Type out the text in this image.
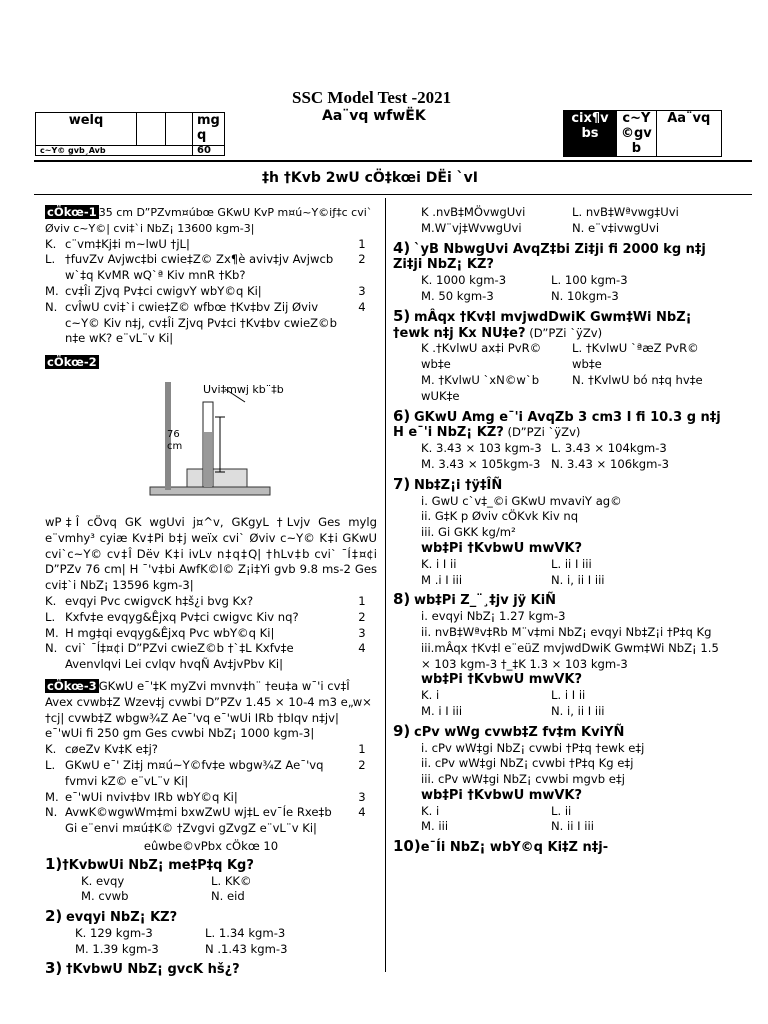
SSC Model Test -2021
Aa¨vq wfwËK
welq			mg q
c~Y© gvb¸Avb			60
cix¶v bs	c~Y ©gv b	Aa¨vq
‡h †Kvb 2wU cÖ‡kœi DËi `vI
cÖkœ-1 35 cm D”PZvm¤úbœ GKwU KvP m¤ú~Y©iƒ‡c cvi` Øviv c~Y©| cvi‡`i NbZ¡ 13600 kgm-3|
K. c¨vm‡Kj‡i m~lwU †jL|	1
L. †fuvZv Avjwc‡bi cwie‡Z© Zx¶è aviv‡jv Avjwcb w`‡q KvMR wQ`ª Kiv mnR †Kb?
2
M. cv‡Îi Zjvq Pv‡ci cwigvY wbY©q Ki|	3
N. cvÎwU cvi‡`i cwie‡Z© wfbœ †Kv‡bv Zij Øviv c~Y© Kiv n‡j, cv‡Îi Zjvq Pv‡ci †Kv‡bv cwieZ©b n‡e wK? e¨vL¨v Ki|
4
cÖkœ-2
Uvi‡mwj kb¨‡b
76 cm
wP‡Î cÖvq GK wgUvi j¤^v, GKgyL †Lvjv Ges mylg e¨vmhy³ cyiæ Kv‡Pi b‡j weïx cvi` Øviv c~Y© K‡i GKwU cvi`c~Y© cv‡Î Dëv K‡i ivLv n‡q‡Q| †hLv‡b cvi` ¯Í‡¤¢i D”PZv 76 cm| H ¯'v‡bi AwfK©l© Z¡i‡Yi gvb 9.8 ms-2 Ges cvi‡`i NbZ¡ 13596 kgm-3|
K. evqyi Pvc cwigvcK h‡š¿i bvg Kx?	1
L. Kxfv‡e evqyg&Êjxq Pv‡ci cwigvc Kiv nq?	2
M. H mg‡qi evqyg&Êjxq Pvc wbY©q Ki|	3
N. cvi` ¯Í‡¤¢i D”PZvi cwieZ©b †`‡L Kxfv‡e Avenvlqvi Lei cvlqv hvqÑ Av‡jvPbv Ki|
4
cÖkœ-3 GKwU e¯'‡K myZvi mvnv‡h¨ †eu‡a w¯'i cv‡Î Avex cvwb‡Z Wzev‡j cvwbi D”PZv 1.45 × 10-4 m3 e„w× †cj| cvwb‡Z wbgw¾Z Ae¯'vq e¯'wUi IRb †bIqv n‡jv| e¯'wUi fi 250 gm Ges cvwbi NbZ¡ 1000 kgm-3|
K. cøeZv Kv‡K e‡j?	1
L. GKwU e¯' Zi‡j m¤ú~Y©fv‡e wbgw¾Z Ae¯'vq fvmvi kZ© e¨vL¨v Ki|
2
M. e¯'wUi nviv‡bv IRb wbY©q Ki|	3
N. AvwK©wgwWm‡mi bxwZwU wj‡L ev¯Íe Rxe‡b Gi e¨envi m¤ú‡K© †Zvgvi gZvgZ e¨vL¨v Ki|
4
eûwbe©vPbx cÖkœ 10
1)†KvbwUi NbZ¡ me‡P‡q Kg?
K. evqy	L. KK©
M. cvwb	N. eid
2) evqyi NbZ¡ KZ?
K. 129 kgm-3	L. 1.34 kgm-3
M. 1.39 kgm-3	N .1.43 kgm-3
3) †KvbwU NbZ¡ gvcK hš¿?
K .nvB‡MÖvwgUvi	L. nvB‡Wªvwg‡Uvi
M.W¨vj‡WvwgUvi	N. e¨v‡ivwgUvi
4) `yB NbwgUvi AvqZ‡bi Zi‡ji fi 2000 kg n‡j Zi‡ji NbZ¡ KZ?
K. 1000 kgm-3	L. 100 kgm-3
M. 50 kgm-3	N. 10kgm-3
5) mÂqx †Kv‡l mvjwdDwiK Gwm‡Wi NbZ¡ †ewk n‡j Kx NU‡e? (D”PZi `ÿZv)
K .†KvlwU ax‡i PvR© wb‡e
L. †KvlwU `ªæZ PvR© wb‡e
M. †KvlwU `xN©w`b wUK‡e
N. †KvlwU bó n‡q hv‡e
6) GKwU Amg e¯'i AvqZb 3 cm3 I fi 10.3 g n‡j H e¯'i NbZ¡ KZ? (D”PZi `ÿZv)
K. 3.43 × 103 kgm-3 L. 3.43 × 104kgm-3
M. 3.43 × 105kgm-3 N. 3.43 × 106kgm-3
7) Nb‡Z¡i †ÿ‡ÎÑ
i. GwU c`v‡_©i GKwU mvaviY ag©
ii. G‡K p Øviv cÖKvk Kiv nq
iii. Gi GKK kg/m²
wb‡Pi †KvbwU mwVK?
K. i I ii	L. ii I iii
M .i I iii	N. i, ii I iii
8) wb‡Pi Z_¨¸‡jv jÿ KiÑ
i. evqyi NbZ¡ 1.27 kgm-3
ii. nvB‡Wªv‡Rb M¨v‡mi NbZ¡ evqyi Nb‡Z¡i †P‡q Kg
iii.mÂqx †Kv‡l e¨eüZ mvjwdDwiK Gwm‡Wi NbZ¡ 1.5 × 103 kgm-3 †_‡K 1.3 × 103 kgm-3
wb‡Pi †KvbwU mwVK?
K. i	L. i I ii
M. i I iii	N. i, ii I iii
9) cPv wWg cvwb‡Z fv‡m KviYÑ
i. cPv wW‡gi NbZ¡ cvwbi †P‡q †ewk e‡j
ii. cPv wW‡gi NbZ¡ cvwbi †P‡q Kg e‡j
iii. cPv wW‡gi NbZ¡ cvwbi mgvb e‡j
wb‡Pi †KvbwU mwVK?
K. i	L. ii
M. iii	N. ii I iii
10)e¯Íi NbZ¡ wbY©q Ki‡Z n‡j-
